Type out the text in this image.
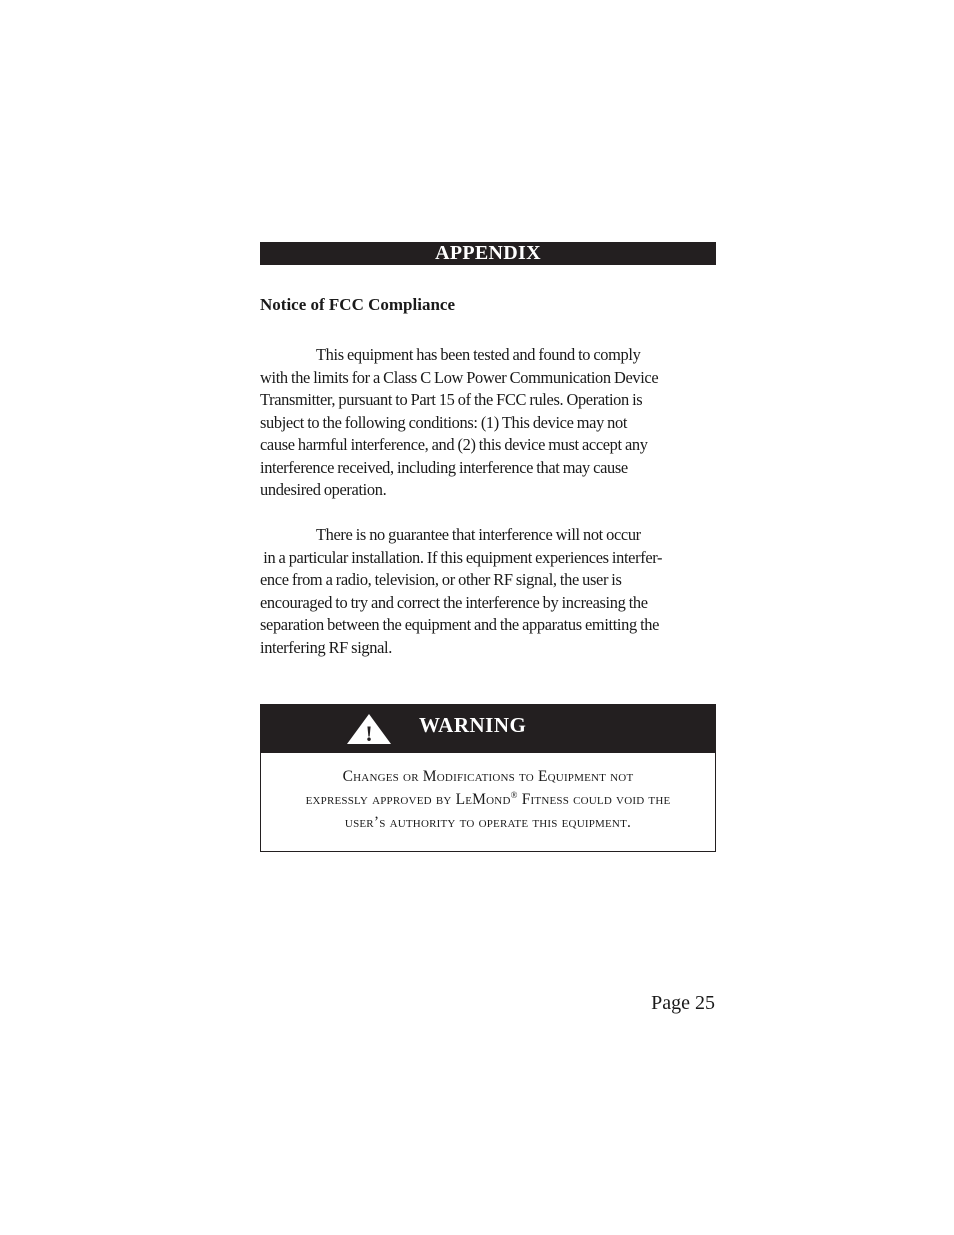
APPENDIX
Notice of FCC Compliance
This equipment has been tested and found to comply
with the limits for a Class C Low Power Communication Device
Transmitter, pursuant to Part 15 of the FCC rules. Operation is
subject to the following conditions: (1) This device may not
cause harmful interference, and (2) this device must accept any
interference received, including interference that may cause
undesired operation.
There is no guarantee that interference will not occur
in a particular installation. If this equipment experiences interfer-
ence from a radio, television, or other RF signal, the user is
encouraged to try and correct the interference by increasing the
separation between the equipment and the apparatus emitting the
interfering RF signal.
! WARNING
Changes or Modifications to Equipment not
expressly approved by LeMond® Fitness could void the
user’s authority to operate this equipment.
Page 25
